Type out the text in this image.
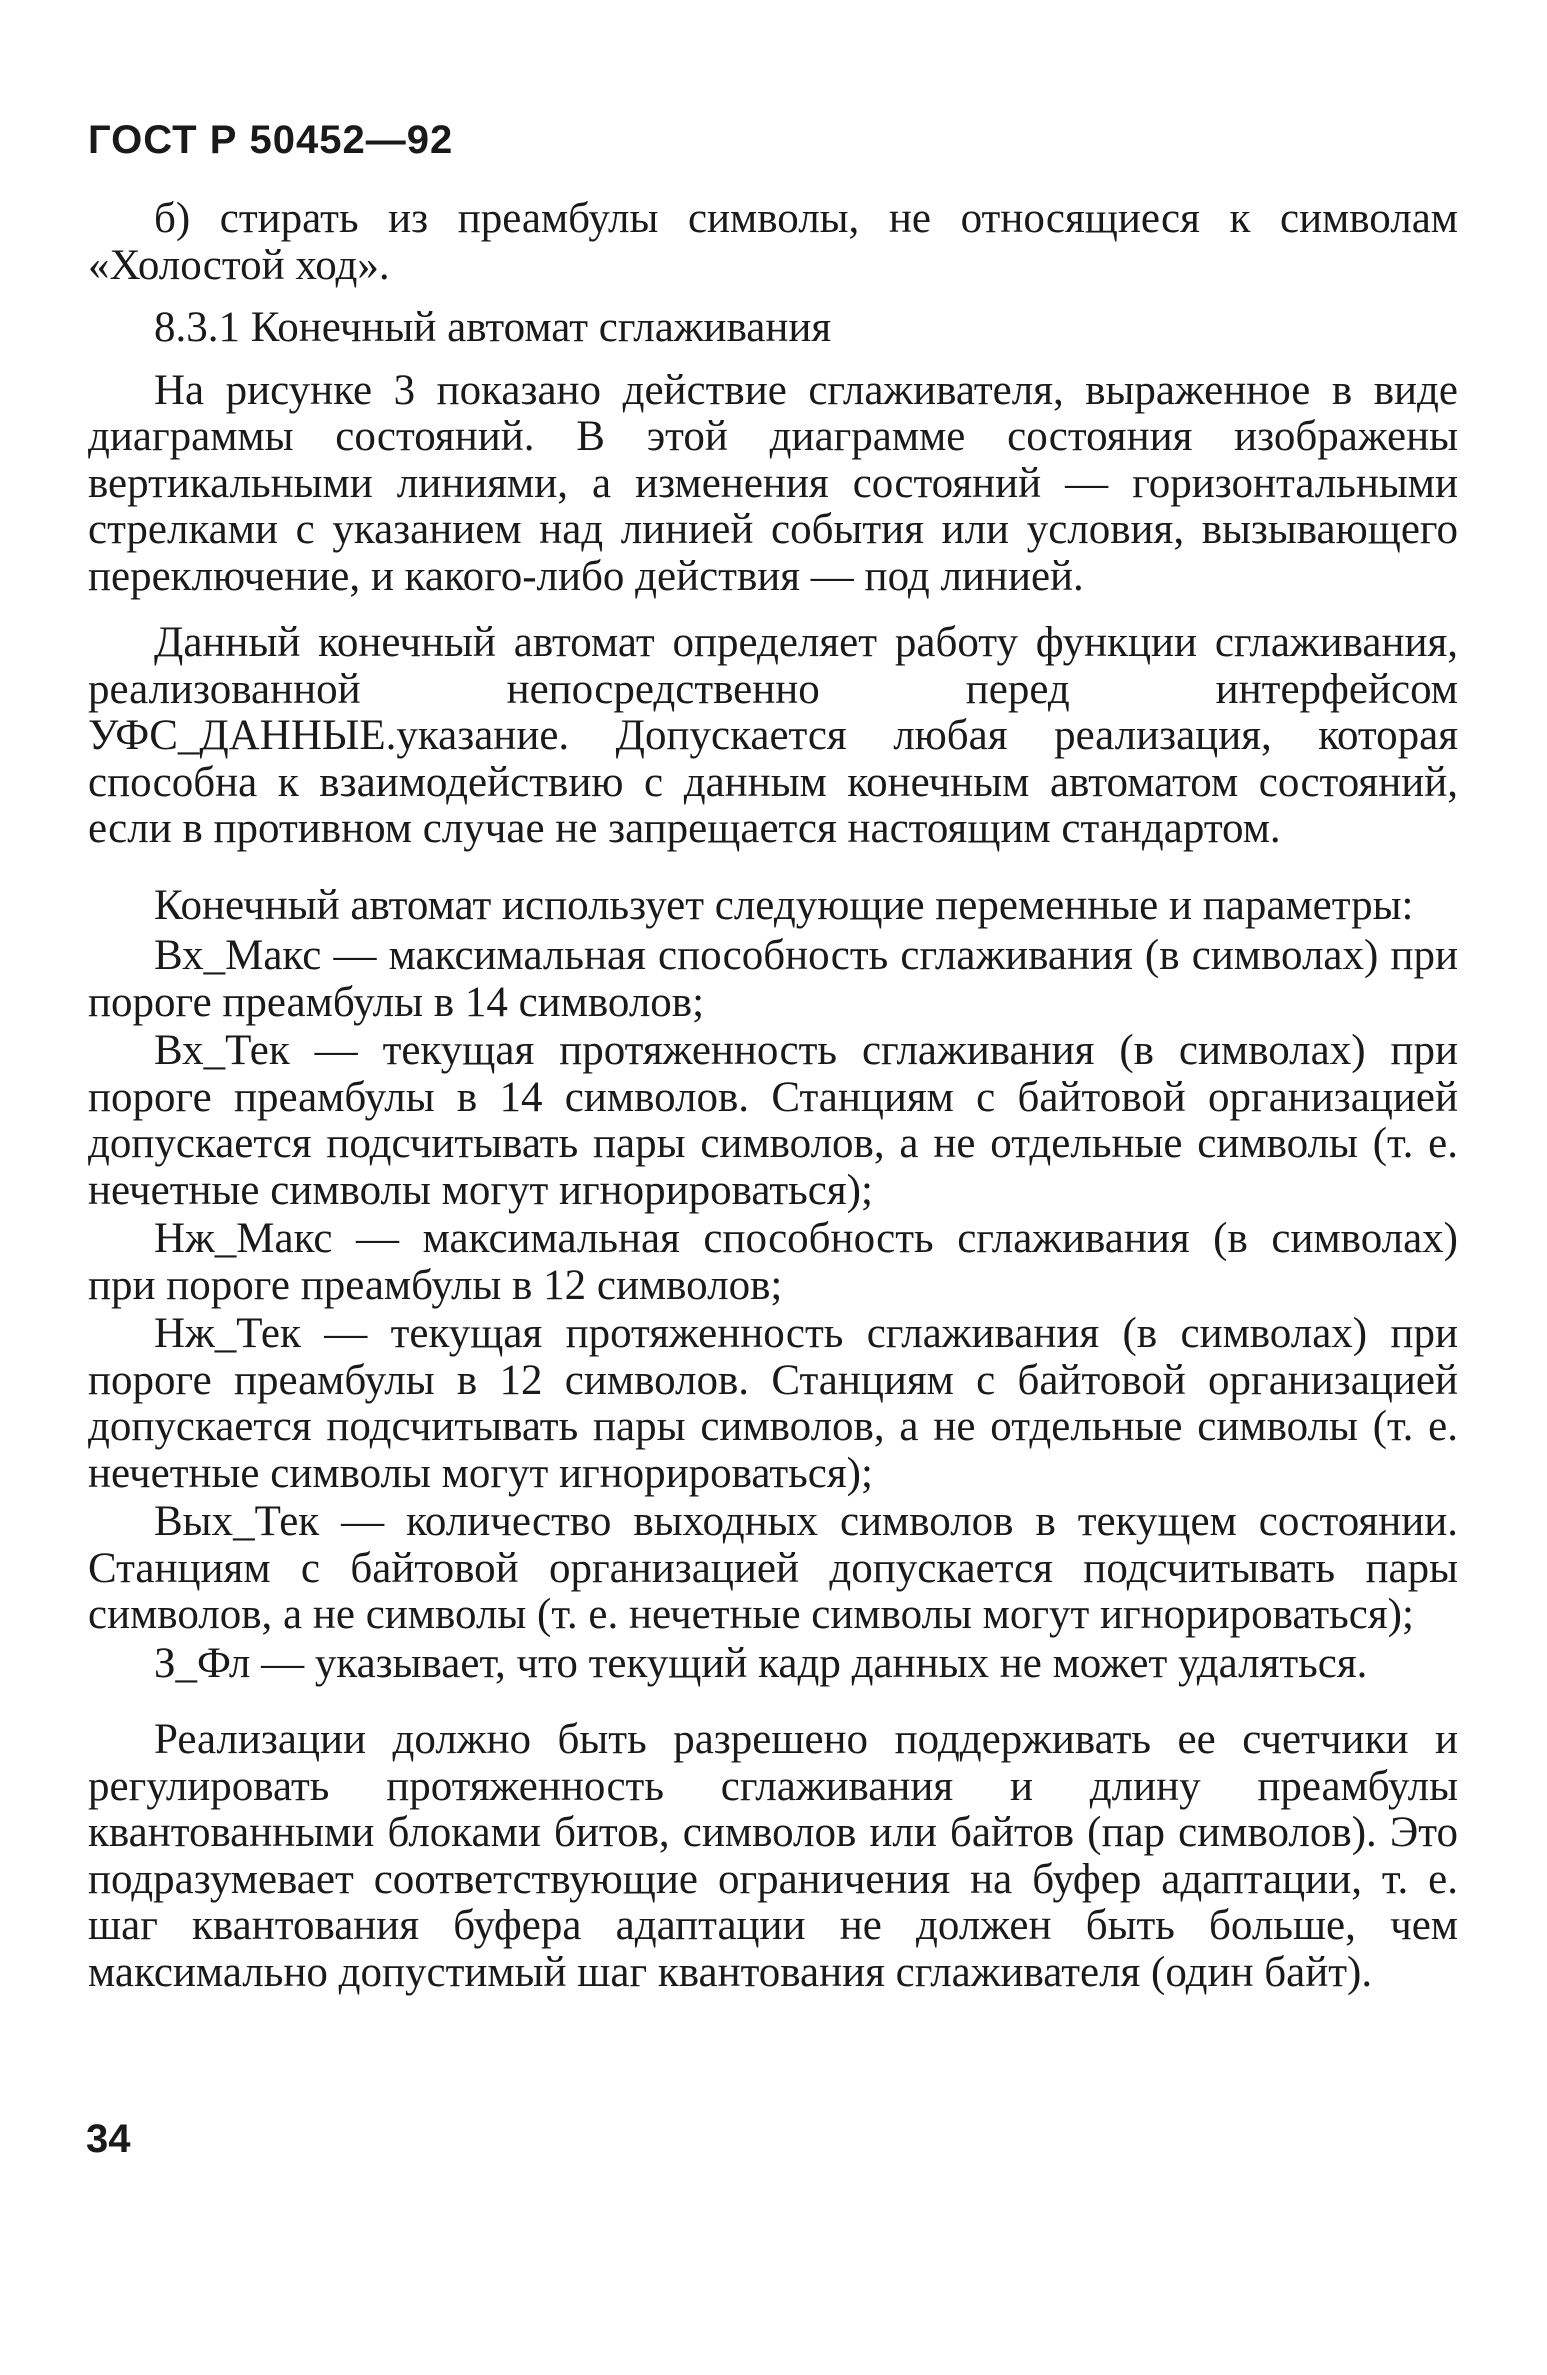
ГОСТ Р 50452—92

б) стирать из преамбулы символы, не относящиеся к символам «Холостой ход».

8.3.1 Конечный автомат сглаживания

На рисунке 3 показано действие сглаживателя, выраженное в виде диаграммы состояний. В этой диаграмме состояния изображены вертикальными линиями, а изменения состояний — горизонтальными стрелками с указанием над линией события или условия, вызывающего переключение, и какого-либо действия — под линией.

Данный конечный автомат определяет работу функции сглаживания, реализованной непосредственно перед интерфейсом УФС_ДАННЫЕ.указание. Допускается любая реализация, которая способна к взаимодействию с данным конечным автоматом состояний, если в противном случае не запрещается настоящим стандартом.

Конечный автомат использует следующие переменные и параметры:

Вх_Макс — максимальная способность сглаживания (в символах) при пороге преамбулы в 14 символов;

Вх_Тек — текущая протяженность сглаживания (в символах) при пороге преамбулы в 14 символов. Станциям с байтовой организацией допускается подсчитывать пары символов, а не отдельные символы (т. е. нечетные символы могут игнорироваться);

Нж_Макс — максимальная способность сглаживания (в символах) при пороге преамбулы в 12 символов;

Нж_Тек — текущая протяженность сглаживания (в символах) при пороге преамбулы в 12 символов. Станциям с байтовой организацией допускается подсчитывать пары символов, а не отдельные символы (т. е. нечетные символы могут игнорироваться);

Вых_Тек — количество выходных символов в текущем состоянии. Станциям с байтовой организацией допускается подсчитывать пары символов, а не символы (т. е. нечетные символы могут игнорироваться);

З_Фл — указывает, что текущий кадр данных не может удаляться.

Реализации должно быть разрешено поддерживать ее счетчики и регулировать протяженность сглаживания и длину преамбулы квантованными блоками битов, символов или байтов (пар символов). Это подразумевает соответствующие ограничения на буфер адаптации, т. е. шаг квантования буфера адаптации не должен быть больше, чем максимально допустимый шаг квантования сглаживателя (один байт).

34
